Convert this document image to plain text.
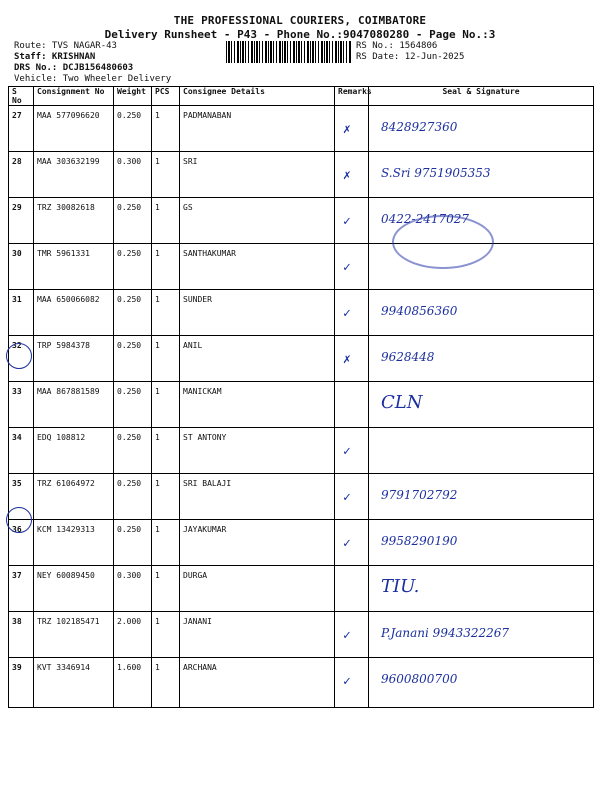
THE PROFESSIONAL COURIERS, COIMBATORE
Delivery Runsheet - P43 - Phone No.:9047080280 - Page No.:3
Route: TVS NAGAR-43
Staff: KRISHNAN
DRS No.: DCJB156480603
Vehicle: Two Wheeler Delivery
RS No.: 1564806
RS Date: 12-Jun-2025
S No	Consignment No	Weight	PCS	Consignee Details	Remarks	Seal & Signature
27	MAA 577096620	0.250	1	PADMANABAN	✗	8428927360

28	MAA 303632199	0.300	1	SRI	✗	S.Sri 9751905353

29	TRZ 30082618	0.250	1	GS	✓	0422-2417027

30	TMR 5961331	0.250	1	SANTHAKUMAR	✓	

31	MAA 650066082	0.250	1	SUNDER	✓	9940856360

32	TRP 5984378	0.250	1	ANIL	✗	9628448

33	MAA 867881589	0.250	1	MANICKAM		CLN

34	EDQ 108812	0.250	1	ST ANTONY	✓	

35	TRZ 61064972	0.250	1	SRI BALAJI	✓	9791702792

36	KCM 13429313	0.250	1	JAYAKUMAR	✓	9958290190

37	NEY 60089450	0.300	1	DURGA		TIU.

38	TRZ 102185471	2.000	1	JANANI	✓	P.Janani 9943322267

39	KVT 3346914	1.600	1	ARCHANA	✓	9600800700
